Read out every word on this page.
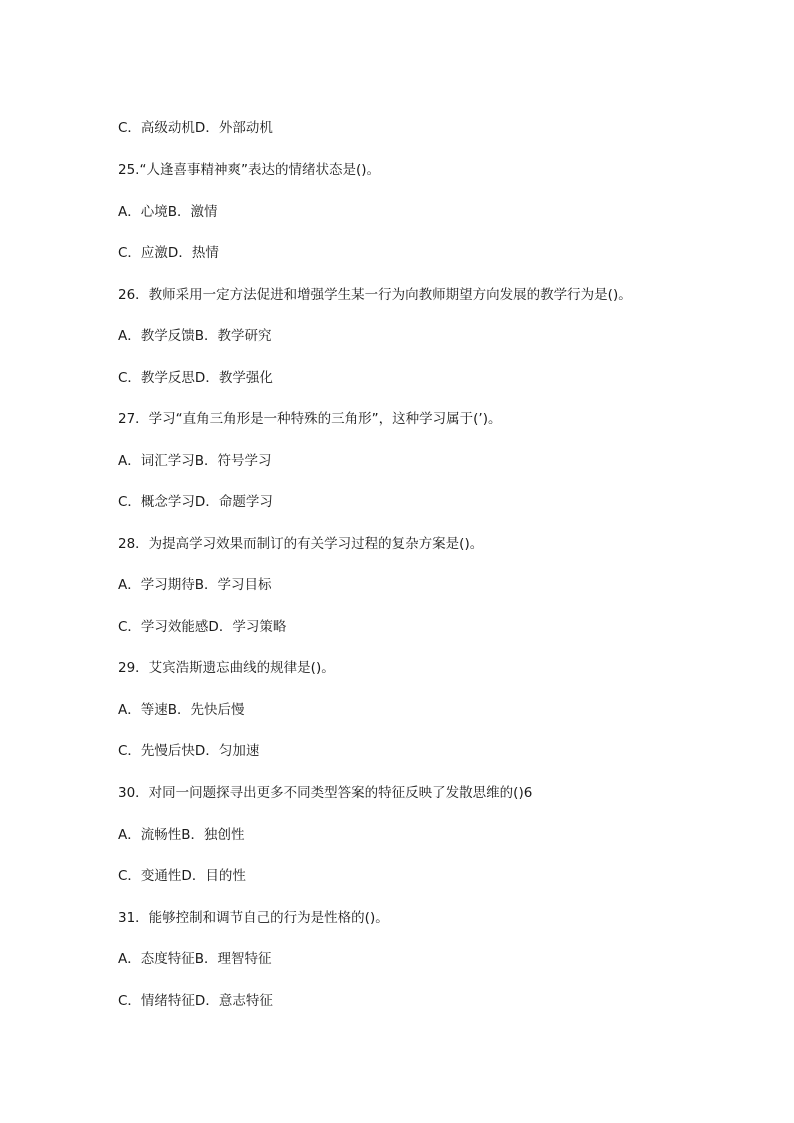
C．高级动机D．外部动机

25.“人逢喜事精神爽”表达的情绪状态是()。

A．心境B．激情

C．应激D．热情

26．教师采用一定方法促进和增强学生某一行为向教师期望方向发展的教学行为是()。

A．教学反馈B．教学研究

C．教学反思D．教学强化

27．学习“直角三角形是一种特殊的三角形”，这种学习属于(’)。

A．词汇学习B．符号学习

C．概念学习D．命题学习

28．为提高学习效果而制订的有关学习过程的复杂方案是()。

A．学习期待B．学习目标

C．学习效能感D．学习策略

29．艾宾浩斯遗忘曲线的规律是()。

A．等速B．先快后慢

C．先慢后快D．匀加速

30．对同一问题探寻出更多不同类型答案的特征反映了发散思维的()6

A．流畅性B．独创性

C．变通性D．目的性

31．能够控制和调节自己的行为是性格的()。

A．态度特征B．理智特征

C．情绪特征D．意志特征
